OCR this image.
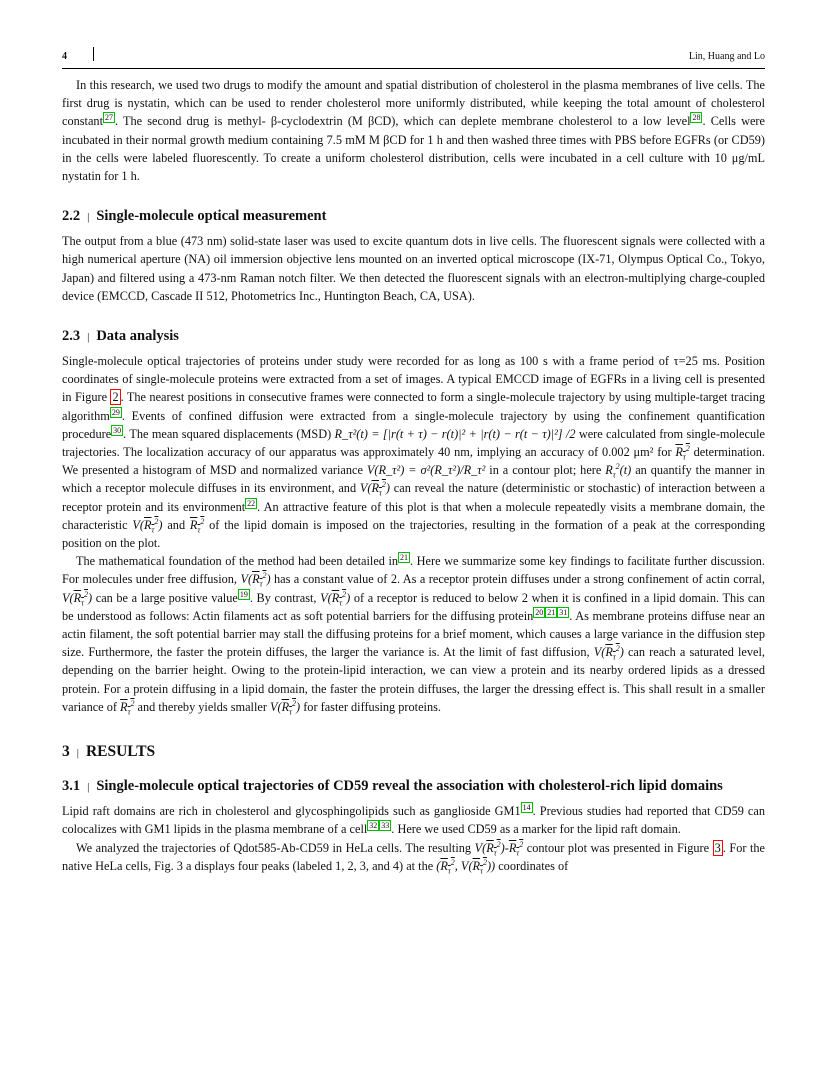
4	Lin, Huang and Lo

In this research, we used two drugs to modify the amount and spatial distribution of cholesterol in the plasma membranes of live cells. The first drug is nystatin, which can be used to render cholesterol more uniformly distributed, while keeping the total amount of cholesterol constant $^{27}$ . The second drug is methyl- β-cyclodextrin (M βCD), which can deplete membrane cholesterol to a low level $^{28}$ . Cells were incubated in their normal growth medium containing 7.5 mM M βCD for 1 h and then washed three times with PBS before EGFRs (or CD59) in the cells were labeled fluorescently. To create a uniform cholesterol distribution, cells were incubated in a cell culture with 10 μg/mL nystatin for 1 h.

2.2 | Single-molecule optical measurement

The output from a blue (473 nm) solid-state laser was used to excite quantum dots in live cells. The fluorescent signals were collected with a high numerical aperture (NA) oil immersion objective lens mounted on an inverted optical microscope (IX-71, Olympus Optical Co., Tokyo, Japan) and filtered using a 473-nm Raman notch filter. We then detected the fluorescent signals with an electron-multiplying charge-coupled device (EMCCD, Cascade II 512, Photometrics Inc., Huntington Beach, CA, USA).

2.3 | Data analysis

Single-molecule optical trajectories of proteins under study were recorded for as long as 100 s with a frame period of τ=25 ms. Position coordinates of single-molecule proteins were extracted from a set of images. A typical EMCCD image of EGFRs in a living cell is presented in Figure 2 . The nearest positions in consecutive frames were connected to form a single-molecule trajectory by using multiple-target tracing algorithm $^{29}$ . Events of confined diffusion were extracted from a single-molecule trajectory by using the confinement quantification procedure $^{30}$ . The mean squared displacements (MSD) R_τ²(t) = [|r(t + τ) − r(t)|² + |r(t) − r(t − τ)|²] /2 were calculated from single-molecule trajectories. The localization accuracy of our apparatus was approximately 40 nm, implying an accuracy of 0.002 μm² for $R_\tau^2$ determination. We presented a histogram of MSD and normalized variance V(R_τ²) = σ²(R_τ²)/R_τ² in a contour plot; here $R_\tau^2(t)$ an quantify the manner in which a receptor molecule diffuses in its environment, and $V(R_\tau^2)$ can reveal the nature (deterministic or stochastic) of interaction between a receptor protein and its environment $^{22}$ . An attractive feature of this plot is that when a molecule repeatedly visits a membrane domain, the characteristic $V(R_\tau^2)$ and $R_\tau^2$ of the lipid domain is imposed on the trajectories, resulting in the formation of a peak at the corresponding position on the plot.

The mathematical foundation of the method had been detailed in $^{21}$ . Here we summarize some key findings to facilitate further discussion. For molecules under free diffusion, $V(R_\tau^2)$ has a constant value of 2. As a receptor protein diffuses under a strong confinement of actin corral, $V(R_\tau^2)$ can be a large positive value $^{19}$ . By contrast, $V(R_\tau^2)$ of a receptor is reduced to below 2 when it is confined in a lipid domain. This can be understood as follows: Actin filaments act as soft potential barriers for the diffusing protein $^{20}$ $^{21}$ $^{31}$ . As membrane proteins diffuse near an actin filament, the soft potential barrier may stall the diffusing proteins for a brief moment, which causes a large variance in the diffusion step size. Furthermore, the faster the protein diffuses, the larger the variance is. At the limit of fast diffusion, $V(R_\tau^2)$ can reach a saturated level, depending on the barrier height. Owing to the protein-lipid interaction, we can view a protein and its nearby ordered lipids as a dressed protein. For a protein diffusing in a lipid domain, the faster the protein diffuses, the larger the dressing effect is. This shall result in a smaller variance of $R_\tau^2$ and thereby yields smaller $V(R_\tau^2)$ for faster diffusing proteins.

3 | RESULTS
3.1 | Single-molecule optical trajectories of CD59 reveal the association with cholesterol-rich lipid domains

Lipid raft domains are rich in cholesterol and glycosphingolipids such as ganglioside GM1 $^{14}$ . Previous studies had reported that CD59 can colocalizes with GM1 lipids in the plasma membrane of a cell $^{32}$ $^{33}$ . Here we used CD59 as a marker for the lipid raft domain.

We analyzed the trajectories of Qdot585-Ab-CD59 in HeLa cells. The resulting $V(R_\tau^2)-R_\tau^2$ contour plot was presented in Figure 3 . For the native HeLa cells, Fig. 3 a displays four peaks (labeled 1, 2, 3, and 4) at the ($R_\tau^2$, $V(R_\tau^2)$) coordinates of
